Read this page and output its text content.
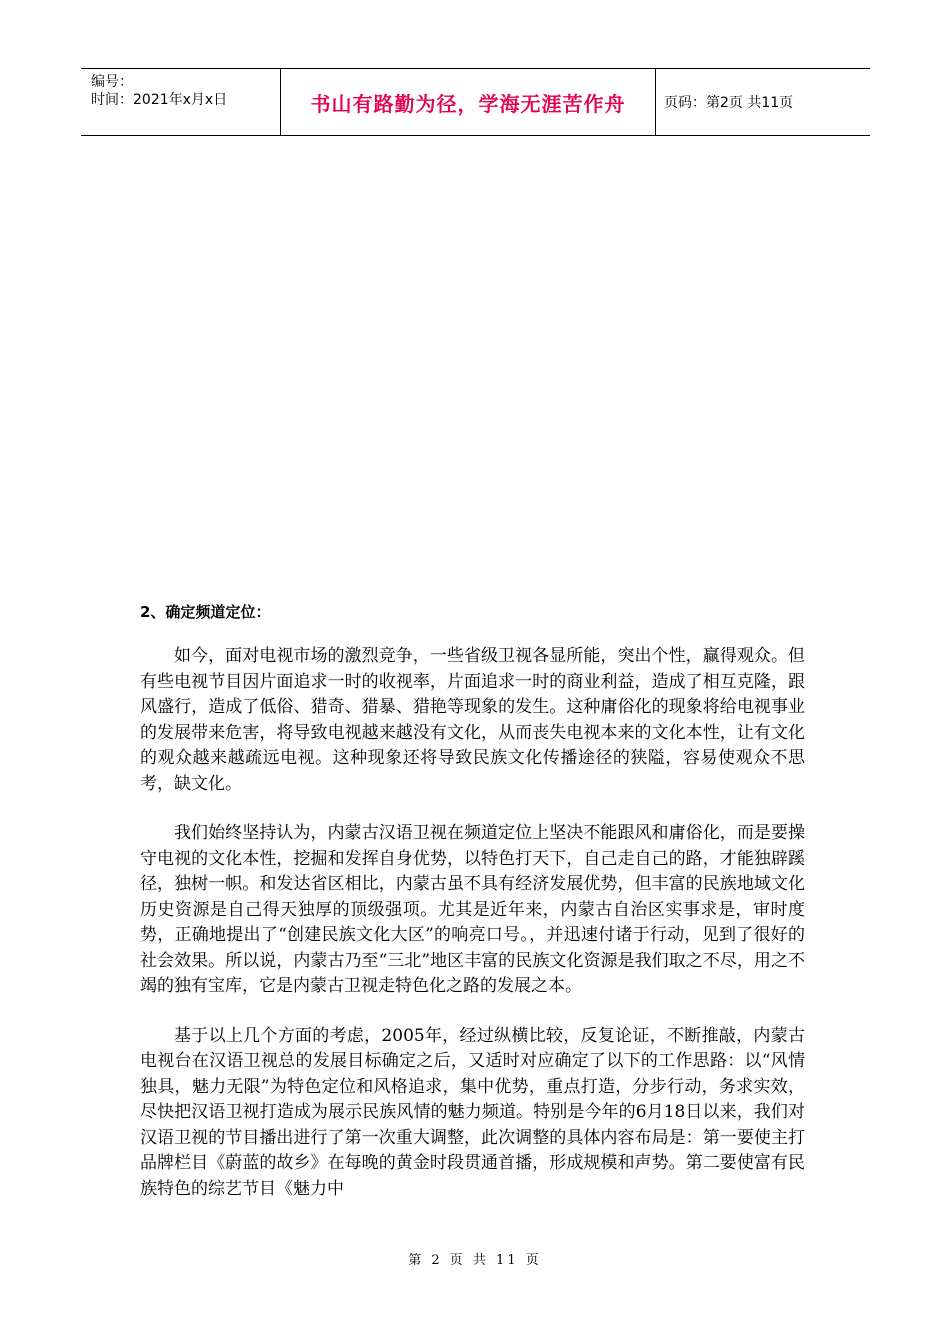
编号：
时间：2021年x月x日	书山有路勤为径，学海无涯苦作舟	页码：第2页 共11页
2、确定频道定位：

如今，面对电视市场的激烈竞争，一些省级卫视各显所能，突出个性，赢得观众。但有些电视节目因片面追求一时的收视率，片面追求一时的商业利益，造成了相互克隆，跟风盛行，造成了低俗、猎奇、猎暴、猎艳等现象的发生。这种庸俗化的现象将给电视事业的发展带来危害，将导致电视越来越没有文化，从而丧失电视本来的文化本性，让有文化的观众越来越疏远电视。这种现象还将导致民族文化传播途径的狭隘，容易使观众不思考，缺文化。

我们始终坚持认为，内蒙古汉语卫视在频道定位上坚决不能跟风和庸俗化，而是要操守电视的文化本性，挖掘和发挥自身优势，以特色打天下，自己走自己的路，才能独辟蹊径，独树一帜。和发达省区相比，内蒙古虽不具有经济发展优势，但丰富的民族地域文化历史资源是自己得天独厚的顶级强项。尤其是近年来，内蒙古自治区实事求是，审时度势，正确地提出了“创建民族文化大区”的响亮口号。，并迅速付诸于行动，见到了很好的社会效果。所以说，内蒙古乃至“三北”地区丰富的民族文化资源是我们取之不尽，用之不竭的独有宝库，它是内蒙古卫视走特色化之路的发展之本。

基于以上几个方面的考虑，2005年，经过纵横比较，反复论证，不断推敲，内蒙古电视台在汉语卫视总的发展目标确定之后，又适时对应确定了以下的工作思路：以“风情独具，魅力无限”为特色定位和风格追求，集中优势，重点打造，分步行动，务求实效，尽快把汉语卫视打造成为展示民族风情的魅力频道。特别是今年的6月18日以来，我们对汉语卫视的节目播出进行了第一次重大调整，此次调整的具体内容布局是：第一要使主打品牌栏目《蔚蓝的故乡》在每晚的黄金时段贯通首播，形成规模和声势。第二要使富有民族特色的综艺节目《魅力中

第 2 页 共 11 页
